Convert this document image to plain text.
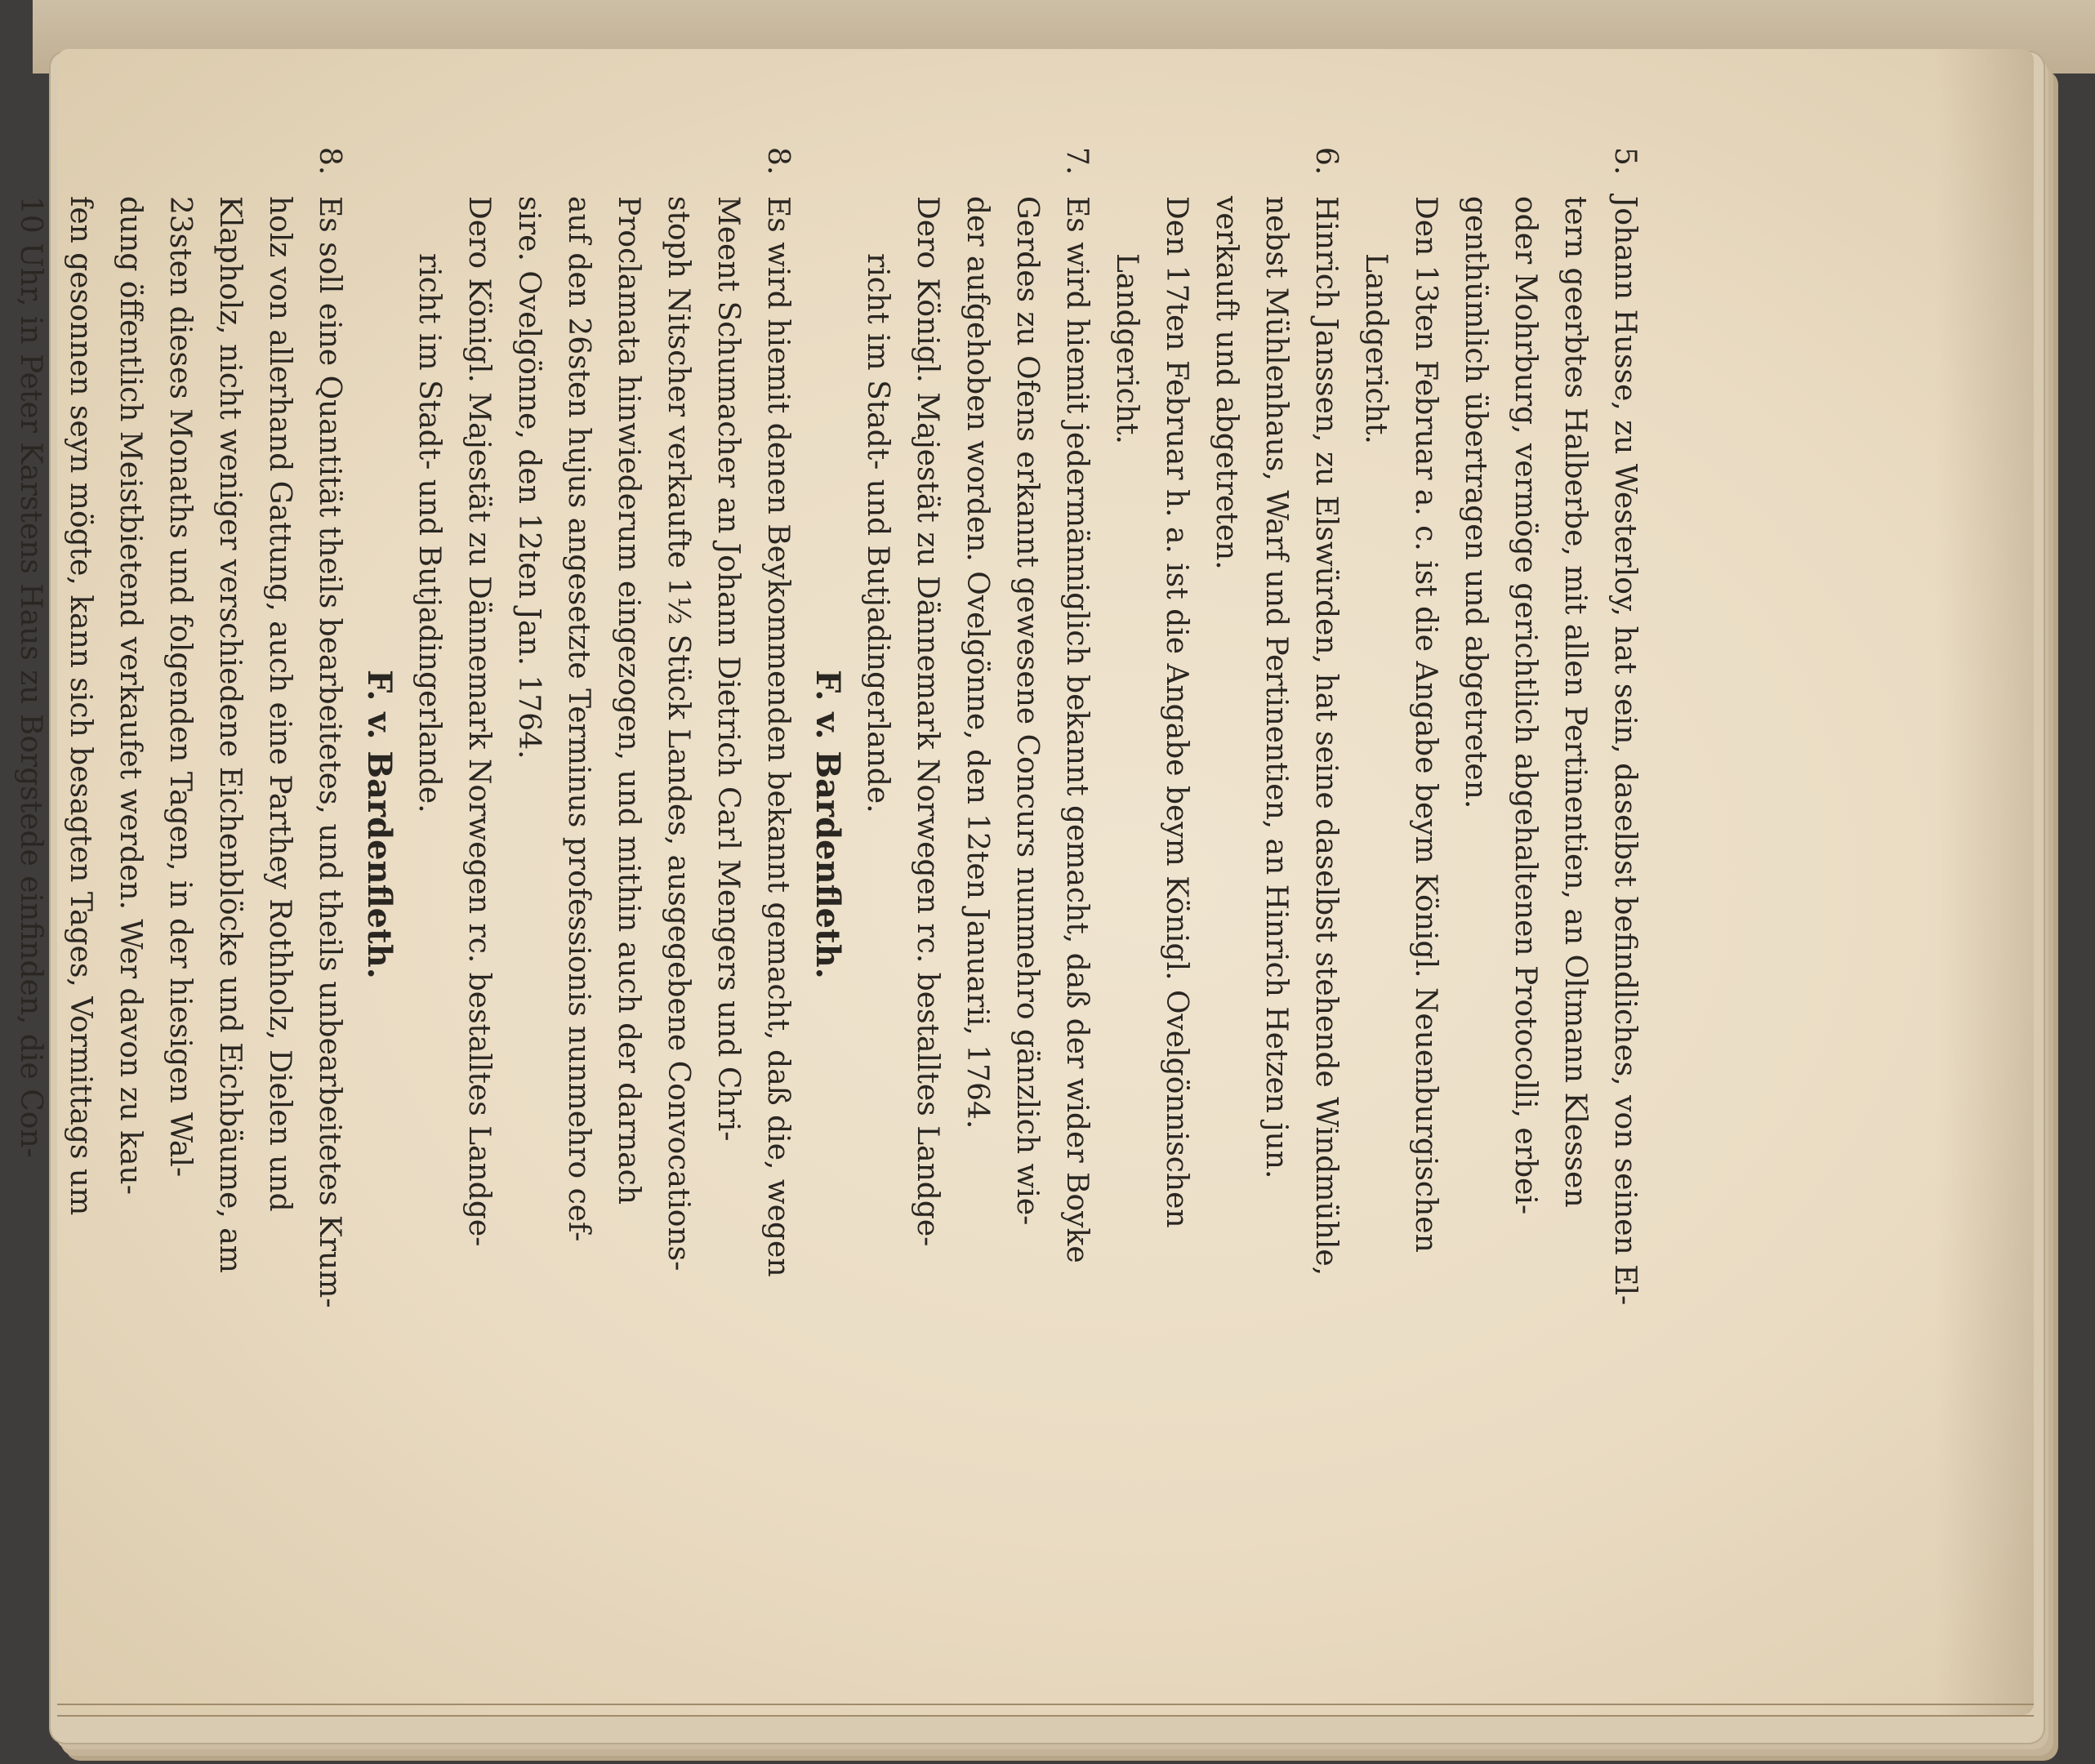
5.Johann Husse, zu Westerloy, hat sein, daselbst befindliches, von seinen El-
tern geerbtes Halberbe, mit allen Pertinentien, an Oltmann Klessen
oder Mohrburg, vermöge gerichtlich abgehaltenen Protocolli, erbei-
genthümlich übertragen und abgetreten.
Den 13ten Februar a. c. ist die Angabe beym Königl. Neuenburgischen
Landgericht.
6.Hinrich Janssen, zu Elswürden, hat seine daselbst stehende Windmühle,
nebst Mühlenhaus, Warf und Pertinentien, an Hinrich Hetzen jun.
verkauft und abgetreten.
Den 17ten Februar h. a. ist die Angabe beym Königl. Ovelgönnischen
Landgericht.
7.Es wird hiemit jedermänniglich bekannt gemacht, daß der wider Boyke
Gerdes zu Ofens erkannt gewesene Concurs nunmehro gänzlich wie-
der aufgehoben worden. Ovelgönne, den 12ten Januarii, 1764.
Dero Königl. Majestät zu Dännemark Norwegen rc. bestalltes Landge-
richt im Stadt- und Butjadingerlande.
F. v. Bardenfleth.
8.Es wird hiemit denen Beykommenden bekannt gemacht, daß die, wegen
Meent Schumacher an Johann Dietrich Carl Mengers und Chri-
stoph Nitscher verkaufte 1½ Stück Landes, ausgegebene Convocations-
Proclamata hinwiederum eingezogen, und mithin auch der darnach
auf den 26sten hujus angesetzte Terminus professionis nunmehro cef-
sire. Ovelgönne, den 12ten Jan. 1764.
Dero Königl. Majestät zu Dännemark Norwegen rc. bestalltes Landge-
richt im Stadt- und Butjadingerlande.
F. v. Bardenfleth.
8.Es soll eine Quantität theils bearbeitetes, und theils unbearbeitetes Krum-
holz von allerhand Gattung, auch eine Parthey Rothholz, Dielen und
Klapholz, nicht weniger verschiedene Eichenblöcke und Eichbäume, am
23sten dieses Monaths und folgenden Tagen, in der hiesigen Wal-
dung öffentlich Meistbietend verkaufet werden. Wer davon zu kau-
fen gesonnen seyn mögte, kann sich besagten Tages, Vormittags um
10 Uhr, in Peter Karstens Haus zu Borgstede einfinden, die Con-
